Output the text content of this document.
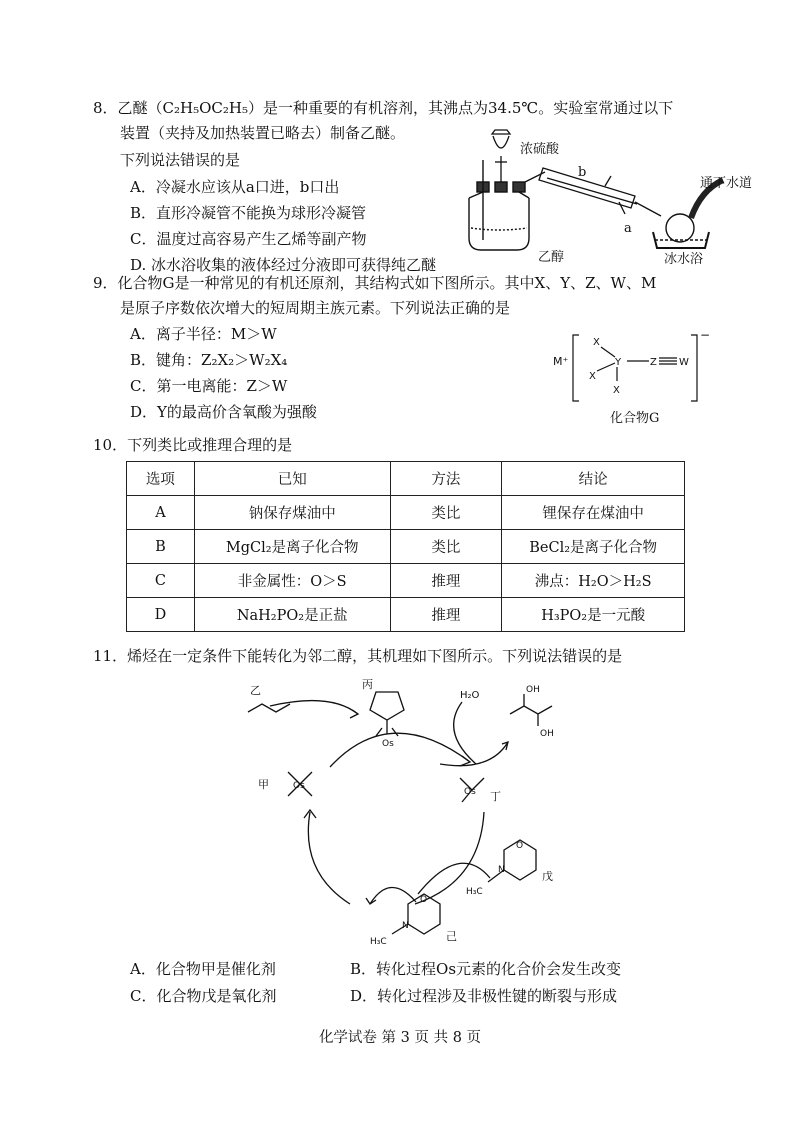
8．乙醚（C₂H₅OC₂H₅）是一种重要的有机溶剂，其沸点为34.5℃。实验室常通过以下
装置（夹持及加热装置已略去）制备乙醚。
下列说法错误的是
A．冷凝水应该从a口进，b口出
B．直形冷凝管不能换为球形冷凝管
C．温度过高容易产生乙烯等副产物
D. 冰水浴收集的液体经过分液即可获得纯乙醚
浓硫酸
b
a
通下水道
乙醇	冰水浴
9．化合物G是一种常见的有机还原剂，其结构式如下图所示。其中X、Y、Z、W、M
是原子序数依次增大的短周期主族元素。下列说法正确的是
A．离子半径：M＞W
B．键角：Z₂X₂＞W₂X₄
C．第一电离能：Z＞W
D．Y的最高价含氧酸为强酸
M⁺
X
X
X
Y	Z W
−
化合物G
10．下列类比或推理合理的是
选项	已知	方法	结论
A	钠保存煤油中	类比	锂保存在煤油中
B	MgCl₂是离子化合物	类比	BeCl₂是离子化合物
C	非金属性：O＞S	推理	沸点：H₂O＞H₂S
D	NaH₂PO₂是正盐	推理	H₃PO₂是一元酸
11．烯烃在一定条件下能转化为邻二醇，其机理如下图所示。下列说法错误的是
乙	丙
Os
甲	Os
Os 丁
H₂O	OH
OH
O
N
H₃C
戊
O
N
H₃C	己
A．化合物甲是催化剂	B．转化过程Os元素的化合价会发生改变
C．化合物戊是氧化剂	D．转化过程涉及非极性键的断裂与形成
化学试卷 第 3 页 共 8 页
